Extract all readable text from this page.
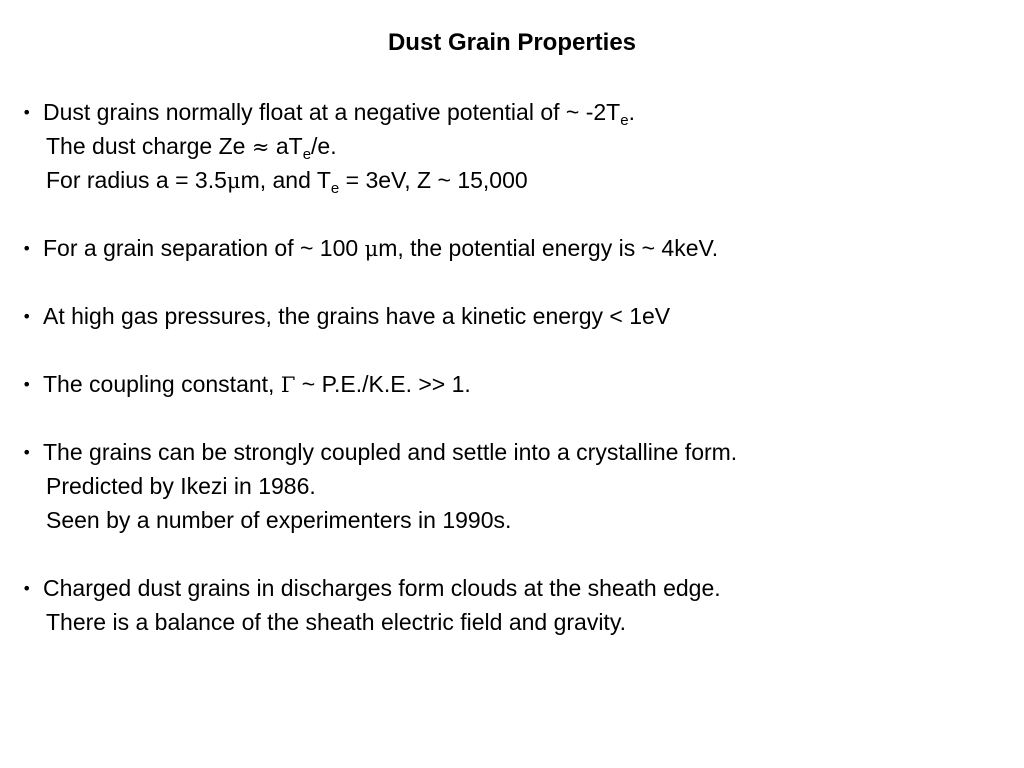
Dust Grain Properties
• Dust grains normally float at a negative potential of ~ $-2T_e$.
The dust charge $Ze \approx aT_e/e$.
For radius a = 3.5μm, and $T_e = 3eV$, Z ~ 15,000
• For a grain separation of ~ 100 μm, the potential energy is ~ 4keV.
• At high gas pressures, the grains have a kinetic energy < 1eV
• The coupling constant, Γ ~ P.E./K.E. >> 1.
• The grains can be strongly coupled and settle into a crystalline form.
Predicted by Ikezi in 1986.
Seen by a number of experimenters in 1990s.
• Charged dust grains in discharges form clouds at the sheath edge.
There is a balance of the sheath electric field and gravity.
